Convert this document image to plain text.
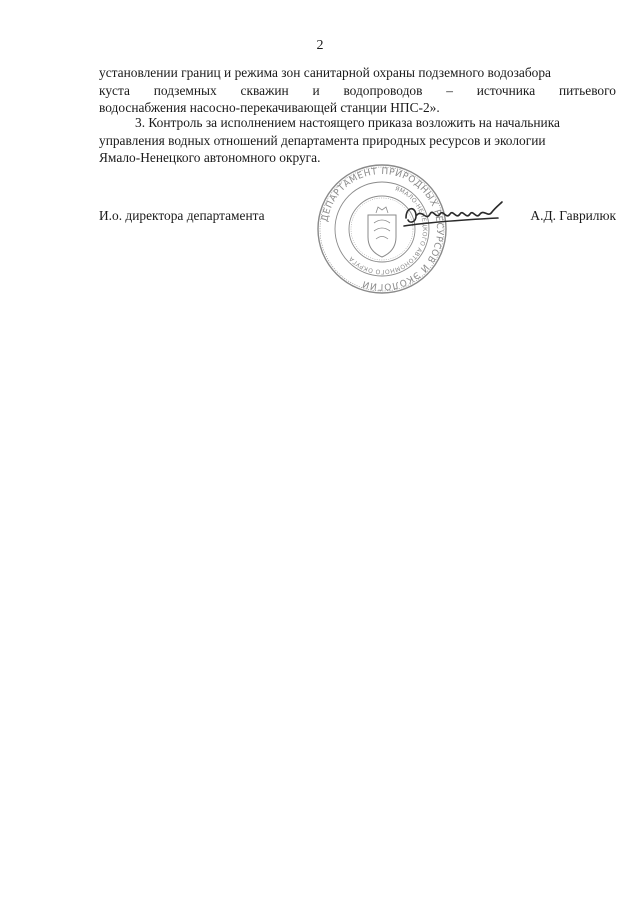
2
установлении границ и режима зон санитарной охраны подземного водозабора
куста подземных скважин и водопроводов – источника питьевого
водоснабжения насосно-перекачивающей станции НПС-2».
3. Контроль за исполнением настоящего приказа возложить на начальника
управления водных отношений департамента природных ресурсов и экологии
Ямало-Ненецкого автономного округа.
ДЕПАРТАМЕНТ ПРИРОДНЫХ РЕСУРСОВ И ЭКОЛОГИИ
ЯМАЛО-НЕНЕЦКОГО АВТОНОМНОГО ОКРУГА
И.о. директора департамента	А.Д. Гаврилюк
